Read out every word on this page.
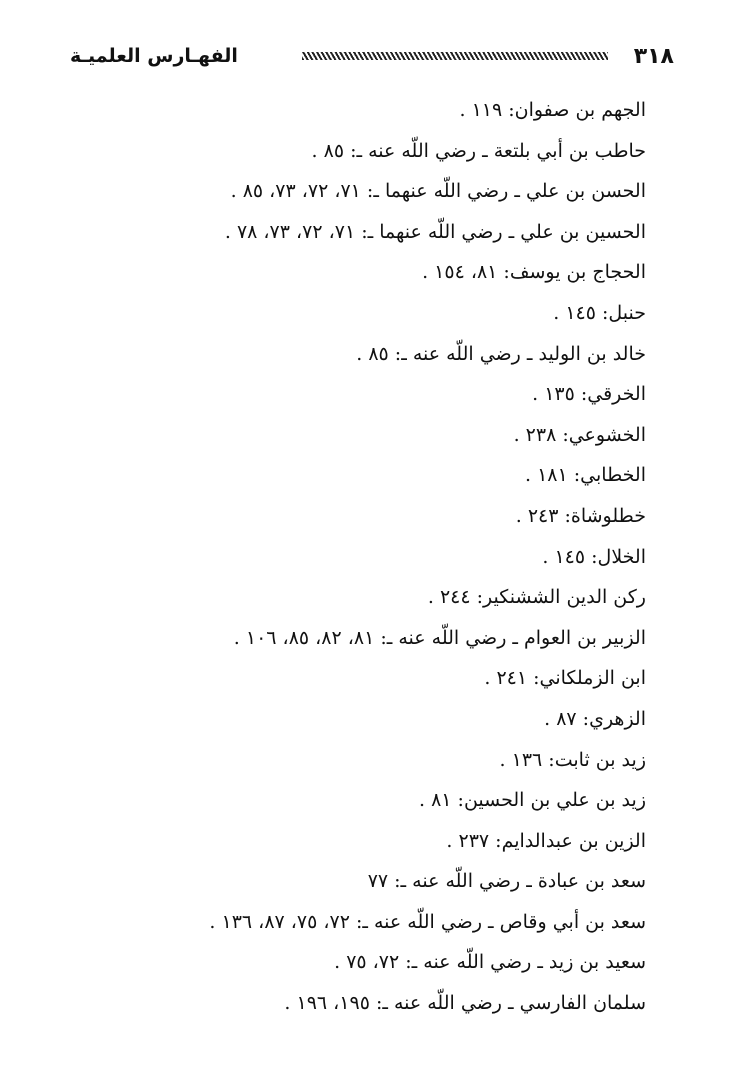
٣١٨
الفهـارس العلميـة
الجهم بن صفوان: ١١٩ .
حاطب بن أبي بلتعة ـ رضي اللّه عنه ـ: ٨٥ .
الحسن بن علي ـ رضي اللّه عنهما ـ: ٧١، ٧٢، ٧٣، ٨٥ .
الحسين بن علي ـ رضي اللّه عنهما ـ: ٧١، ٧٢، ٧٣، ٧٨ .
الحجاج بن يوسف: ٨١، ١٥٤ .
حنبل: ١٤٥ .
خالد بن الوليد ـ رضي اللّه عنه ـ: ٨٥ .
الخرقي: ١٣٥ .
الخشوعي: ٢٣٨ .
الخطابي: ١٨١ .
خطلوشاة: ٢٤٣ .
الخلال: ١٤٥ .
ركن الدين الششنكير: ٢٤٤ .
الزبير بن العوام ـ رضي اللّه عنه ـ: ٨١، ٨٢، ٨٥، ١٠٦ .
ابن الزملكاني: ٢٤١ .
الزهري: ٨٧ .
زيد بن ثابت: ١٣٦ .
زيد بن علي بن الحسين: ٨١ .
الزين بن عبدالدايم: ٢٣٧ .
سعد بن عبادة ـ رضي اللّه عنه ـ: ٧٧
سعد بن أبي وقاص ـ رضي اللّه عنه ـ: ٧٢، ٧٥، ٨٧، ١٣٦ .
سعيد بن زيد ـ رضي اللّه عنه ـ: ٧٢، ٧٥ .
سلمان الفارسي ـ رضي اللّه عنه ـ: ١٩٥، ١٩٦ .
